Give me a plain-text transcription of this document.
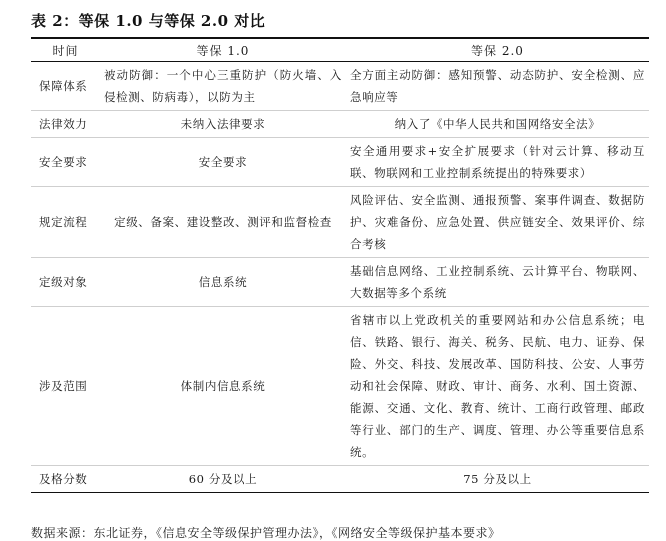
表 2：等保 1.0 与等保 2.0 对比
时间	等保 1.0	等保 2.0
保障体系	被动防御：一个中心三重防护（防火墙、入侵检测、防病毒），以防为主	全方面主动防御：感知预警、动态防护、安全检测、应急响应等
法律效力	未纳入法律要求	纳入了《中华人民共和国网络安全法》
安全要求	安全要求	安全通用要求+安全扩展要求（针对云计算、移动互联、物联网和工业控制系统提出的特殊要求）
规定流程	定级、备案、建设整改、测评和监督检查	风险评估、安全监测、通报预警、案事件调查、数据防护、灾难备份、应急处置、供应链安全、效果评价、综合考核
定级对象	信息系统	基础信息网络、工业控制系统、云计算平台、物联网、大数据等多个系统
涉及范围	体制内信息系统	省辖市以上党政机关的重要网站和办公信息系统；电信、铁路、银行、海关、税务、民航、电力、证券、保险、外交、科技、发展改革、国防科技、公安、人事劳动和社会保障、财政、审计、商务、水利、国土资源、能源、交通、文化、教育、统计、工商行政管理、邮政等行业、部门的生产、调度、管理、办公等重要信息系统。
及格分数	60 分及以上	75 分及以上
数据来源：东北证券，《信息安全等级保护管理办法》，《网络安全等级保护基本要求》
